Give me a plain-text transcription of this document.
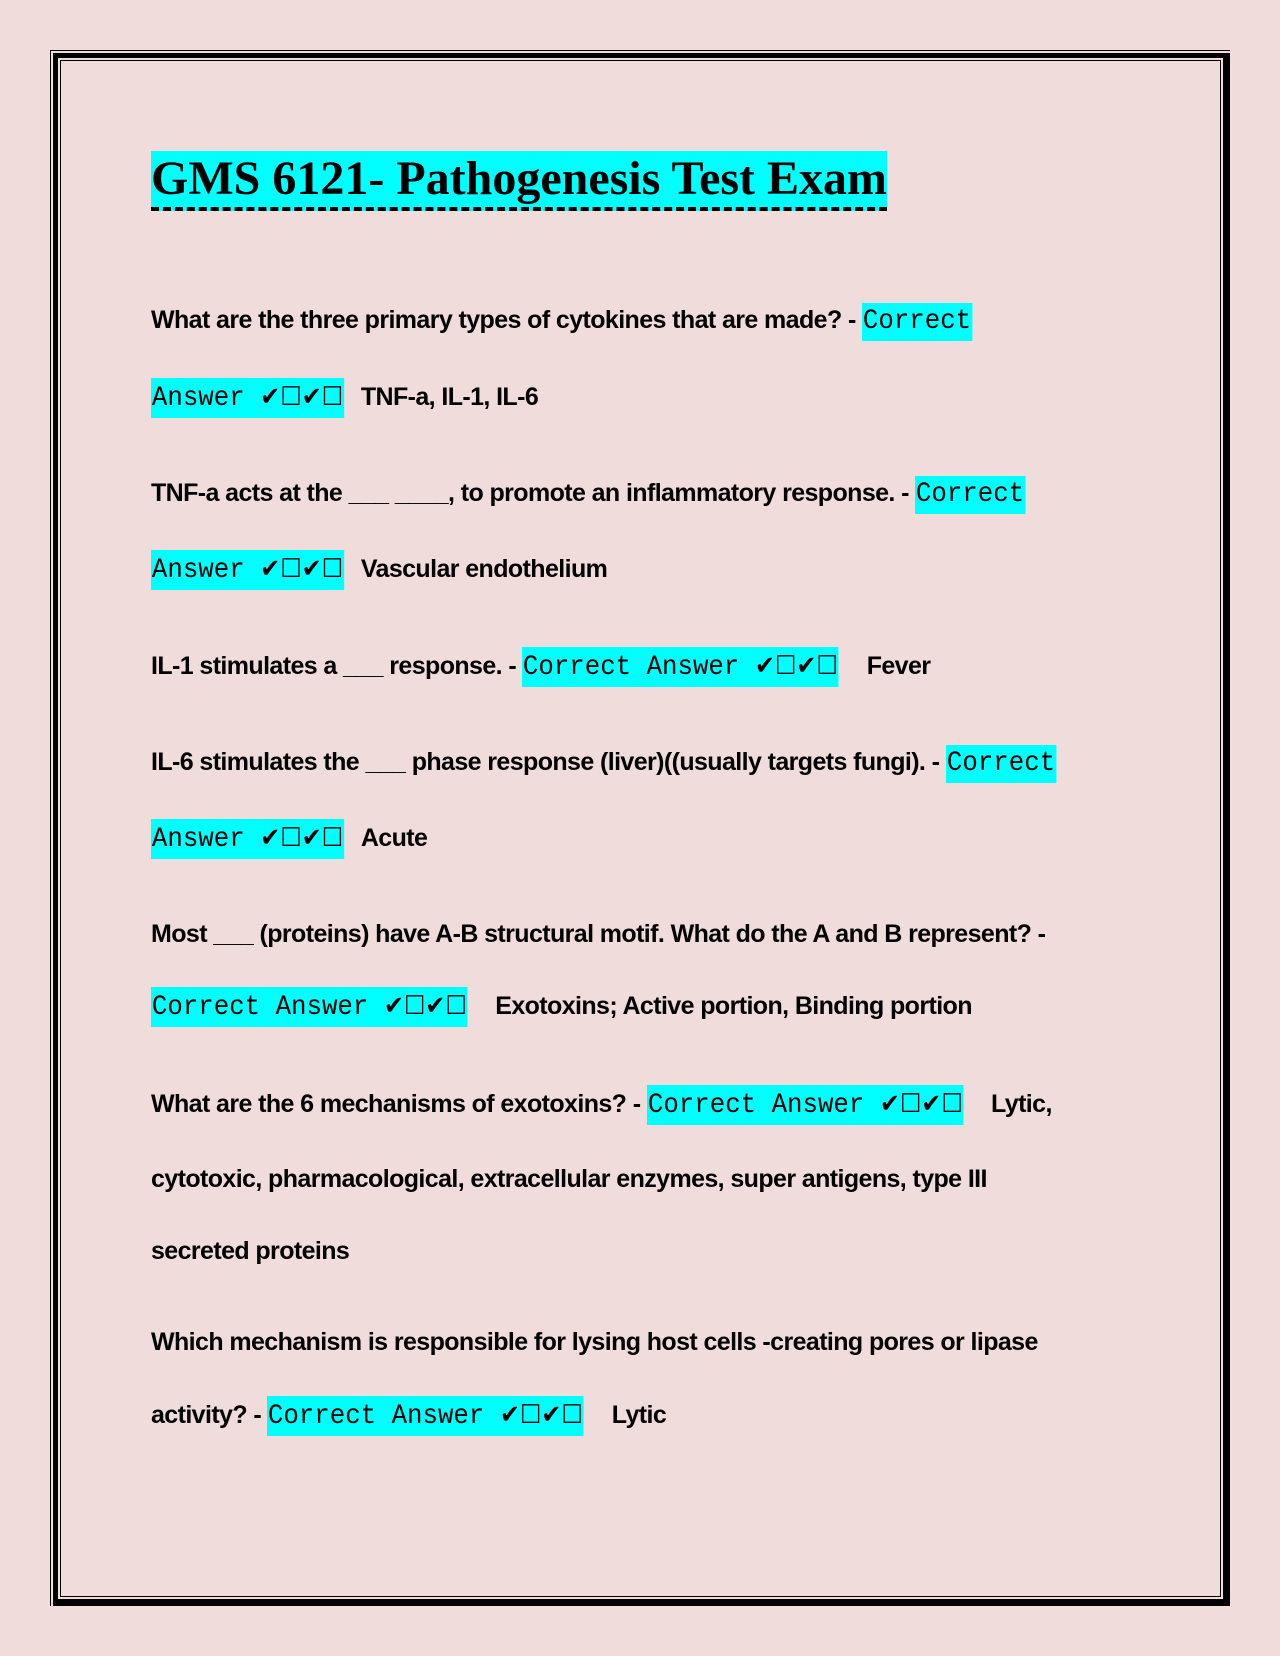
GMS 6121- Pathogenesis Test Exam
What are the three primary types of cytokines that are made? - Correct
Answer ✔☐✔☐ TNF-a, IL-1, IL-6
TNF-a acts at the ___ ____, to promote an inflammatory response. - Correct
Answer ✔☐✔☐ Vascular endothelium
IL-1 stimulates a ___ response. - Correct Answer ✔☐✔☐ Fever
IL-6 stimulates the ___ phase response (liver)((usually targets fungi). - Correct
Answer ✔☐✔☐ Acute
Most ___ (proteins) have A-B structural motif. What do the A and B represent? -
Correct Answer ✔☐✔☐ Exotoxins; Active portion, Binding portion
What are the 6 mechanisms of exotoxins? - Correct Answer ✔☐✔☐ Lytic,
cytotoxic, pharmacological, extracellular enzymes, super antigens, type III
secreted proteins
Which mechanism is responsible for lysing host cells -creating pores or lipase
activity? - Correct Answer ✔☐✔☐ Lytic
